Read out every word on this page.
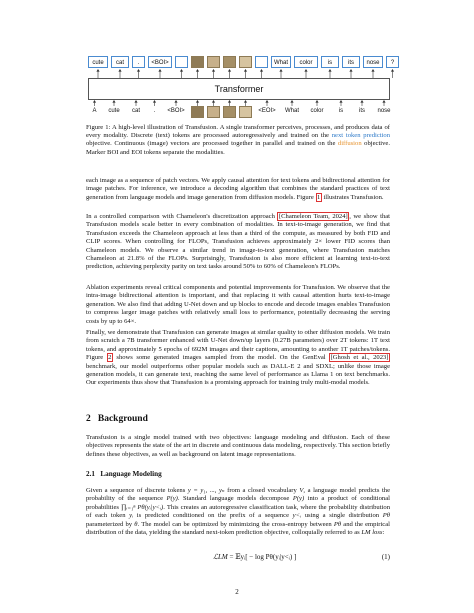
cute	cat	.	<BOI>	What	color	is	its	nose	?
Transformer
A	cute	cat	.	<BOI>	<EOI>	What	color	is	its	nose
Figure 1: A high-level illustration of Transfusion. A single transformer perceives, processes, and produces data of every modality. Discrete (text) tokens are processed autoregressively and trained on the next token prediction objective. Continuous (image) vectors are processed together in parallel and trained on the diffusion objective. Marker BOI and EOI tokens separate the modalities.

each image as a sequence of patch vectors. We apply causal attention for text tokens and bidirectional attention for image patches. For inference, we introduce a decoding algorithm that combines the standard practices of text generation from language models and image generation from diffusion models. Figure 1 illustrates Transfusion.

In a controlled comparison with Chameleon's discretization approach [Chameleon Team, 2024] , we show that Transfusion models scale better in every combination of modalities. In text-to-image generation, we find that Transfusion exceeds the Chameleon approach at less than a third of the compute, as measured by both FID and CLIP scores. When controlling for FLOPs, Transfusion achieves approximately 2× lower FID scores than Chameleon models. We observe a similar trend in image-to-text generation, where Transfusion matches Chameleon at 21.8% of the FLOPs. Surprisingly, Transfusion is also more efficient at learning text-to-text prediction, achieving perplexity parity on text tasks around 50% to 60% of Chameleon's FLOPs.

Ablation experiments reveal critical components and potential improvements for Transfusion. We observe that the intra-image bidirectional attention is important, and that replacing it with causal attention hurts text-to-image generation. We also find that adding U-Net down and up blocks to encode and decode images enables Transfusion to compress larger image patches with relatively small loss to performance, potentially decreasing the serving costs by up to 64×.

Finally, we demonstrate that Transfusion can generate images at similar quality to other diffusion models. We train from scratch a 7B transformer enhanced with U-Net down/up layers (0.27B parameters) over 2T tokens: 1T text tokens, and approximately 5 epochs of 692M images and their captions, amounting to another 1T patches/tokens. Figure 2 shows some generated images sampled from the model. On the GenEval [Ghosh et al., 2023] benchmark, our model outperforms other popular models such as DALL-E 2 and SDXL; unlike those image generation models, it can generate text, reaching the same level of performance as Llama 1 on text benchmarks. Our experiments thus show that Transfusion is a promising approach for training truly multi-modal models.

2 Background

Transfusion is a single model trained with two objectives: language modeling and diffusion. Each of these objectives represents the state of the art in discrete and continuous data modeling, respectively. This section briefly defines these objectives, as well as background on latent image representations.

2.1 Language Modeling

Given a sequence of discrete tokens y = y₁, ..., yₙ from a closed vocabulary V, a language model predicts the probability of the sequence P(y). Standard language models decompose P(y) into a product of conditional probabilities ∏ᵢ₌₁ⁿ Pθ(yᵢ|y<ᵢ). This creates an autoregressive classification task, where the probability distribution of each token yᵢ is predicted conditioned on the prefix of a sequence y<ᵢ using a single distribution Pθ parameterized by θ. The model can be optimized by minimizing the cross-entropy between Pθ and the empirical distribution of the data, yielding the standard next-token prediction objective, colloquially referred to as LM loss:

ℒLM = 𝔼yᵢ[ − log Pθ(yᵢ|y<ᵢ) ]	(1)
2
